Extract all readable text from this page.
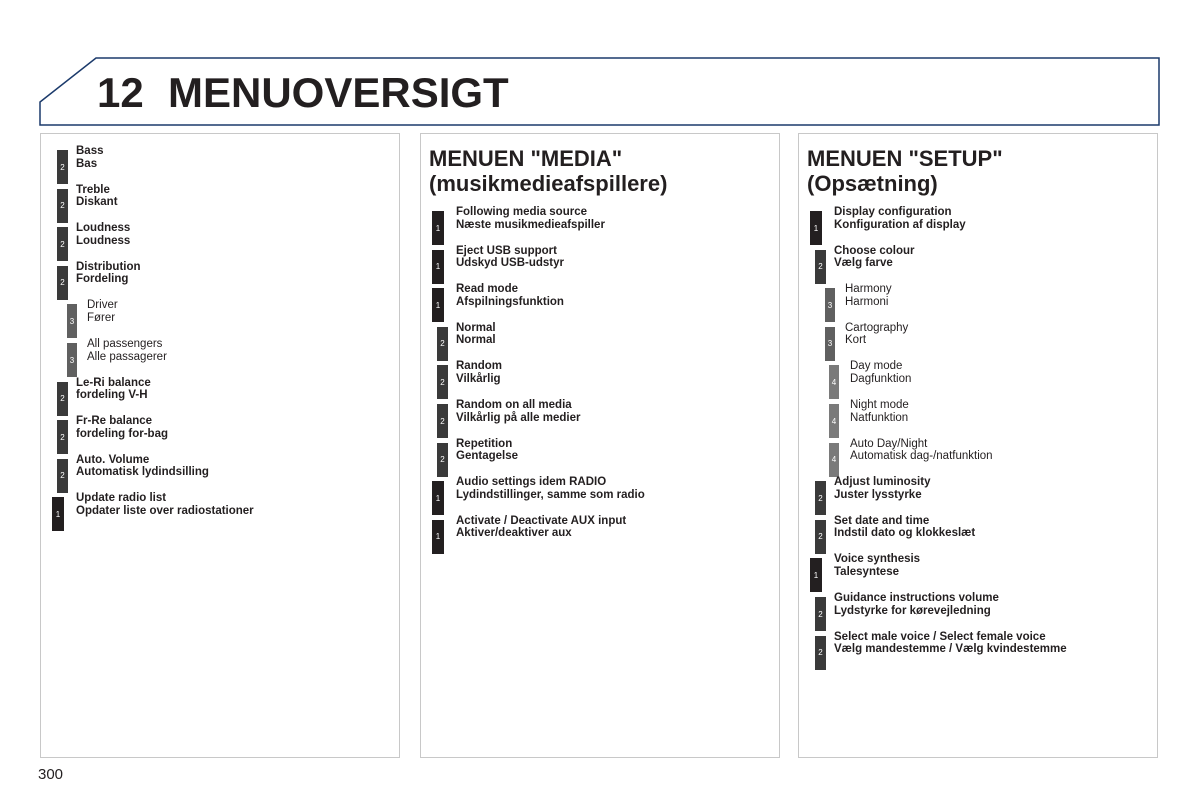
12 MENUOVERSIGT
2
Bass
Bas
2
Treble
Diskant
2
Loudness
Loudness
2
Distribution
Fordeling
3
Driver
Fører
3
All passengers
Alle passagerer
2
Le-Ri balance
fordeling V-H
2
Fr-Re balance
fordeling for-bag
2
Auto. Volume
Automatisk lydindsilling
1
Update radio list
Opdater liste over radiostationer
MENUEN "MEDIA"
(musikmedieafspillere)
1
Following media source
Næste musikmedieafspiller
1
Eject USB support
Udskyd USB-udstyr
1
Read mode
Afspilningsfunktion
2
Normal
Normal
2
Random
Vilkårlig
2
Random on all media
Vilkårlig på alle medier
2
Repetition
Gentagelse
1
Audio settings idem RADIO
Lydindstillinger, samme som radio
1
Activate / Deactivate AUX input
Aktiver/deaktiver aux
MENUEN "SETUP"
(Opsætning)
1
Display configuration
Konfiguration af display
2
Choose colour
Vælg farve
3
Harmony
Harmoni
3
Cartography
Kort
4
Day mode
Dagfunktion
4
Night mode
Natfunktion
4
Auto Day/Night
Automatisk dag-/natfunktion
2
Adjust luminosity
Juster lysstyrke
2
Set date and time
Indstil dato og klokkeslæt
1
Voice synthesis
Talesyntese
2
Guidance instructions volume
Lydstyrke for kørevejledning
2
Select male voice / Select female voice
Vælg mandestemme / Vælg kvindestemme
300
